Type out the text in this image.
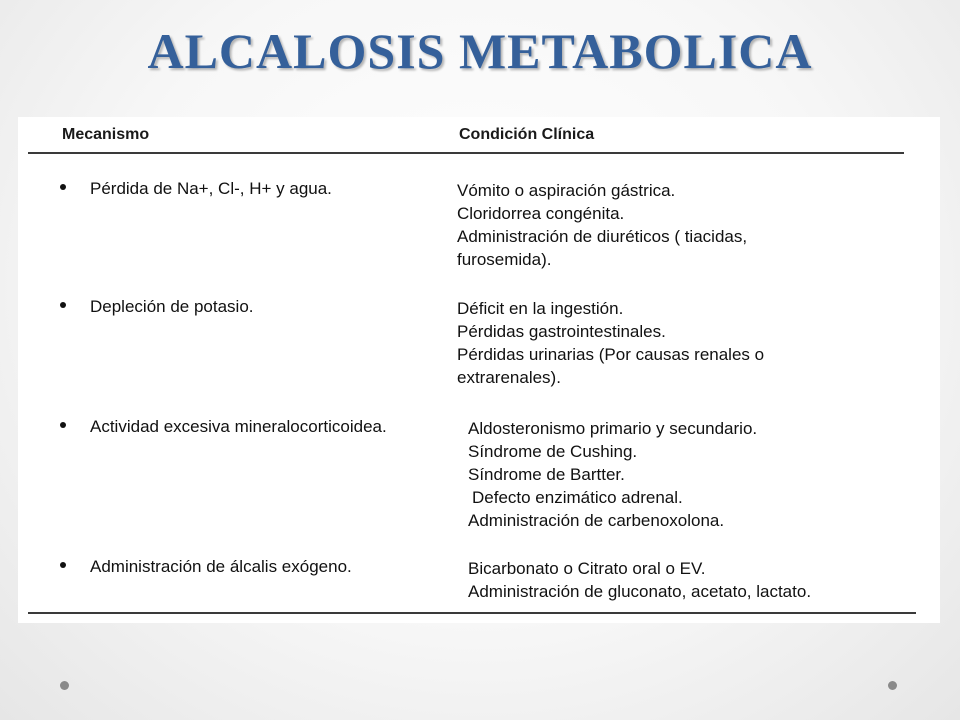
ALCALOSIS METABOLICA
Mecanismo	Condición Clínica
Pérdida de Na+, Cl-, H+ y agua.	Vómito o aspiración gástrica.
Cloridorrea congénita.
Administración de diuréticos ( tiacidas,
furosemida).
Depleción de potasio.	Déficit en la ingestión.
Pérdidas gastrointestinales.
Pérdidas urinarias (Por causas renales o
extrarenales).
Actividad excesiva mineralocorticoidea.	Aldosteronismo primario y secundario.
Síndrome de Cushing.
Síndrome de Bartter.
Defecto enzimático adrenal.
Administración de carbenoxolona.
Administración de álcalis exógeno.	Bicarbonato o Citrato oral o EV.
Administración de gluconato, acetato, lactato.
